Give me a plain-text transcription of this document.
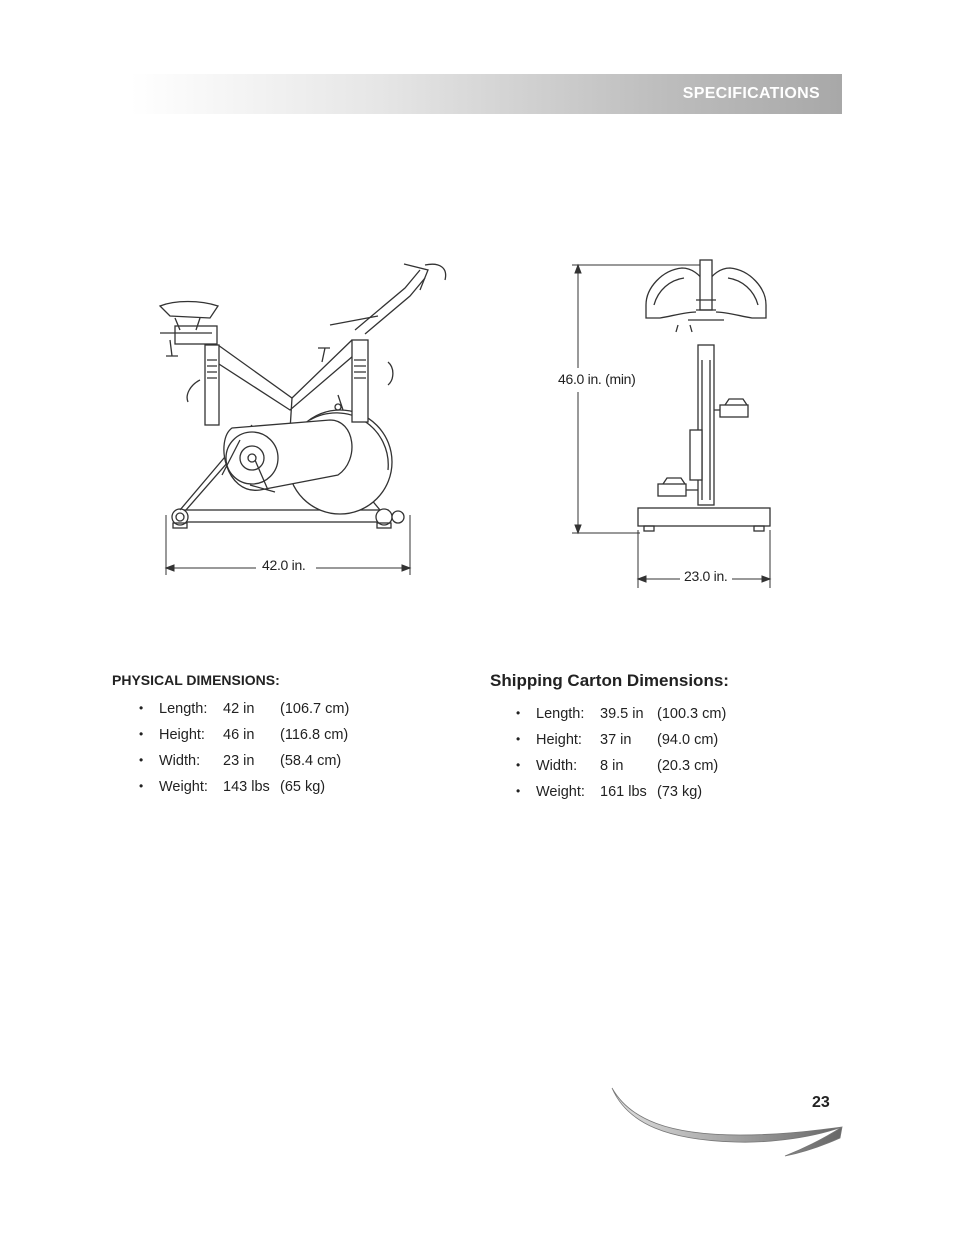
SPECIFICATIONS
42.0 in.
46.0 in. (min)
23.0 in.
PHYSICAL DIMENSIONS:
• Length: 42 in (106.7 cm)
• Height: 46 in (116.8 cm)
• Width: 23 in (58.4 cm)
• Weight: 143 lbs (65 kg)
Shipping Carton Dimensions:
• Length: 39.5 in (100.3 cm)
• Height: 37 in (94.0 cm)
• Width: 8 in (20.3 cm)
• Weight: 161 lbs (73 kg)
23
